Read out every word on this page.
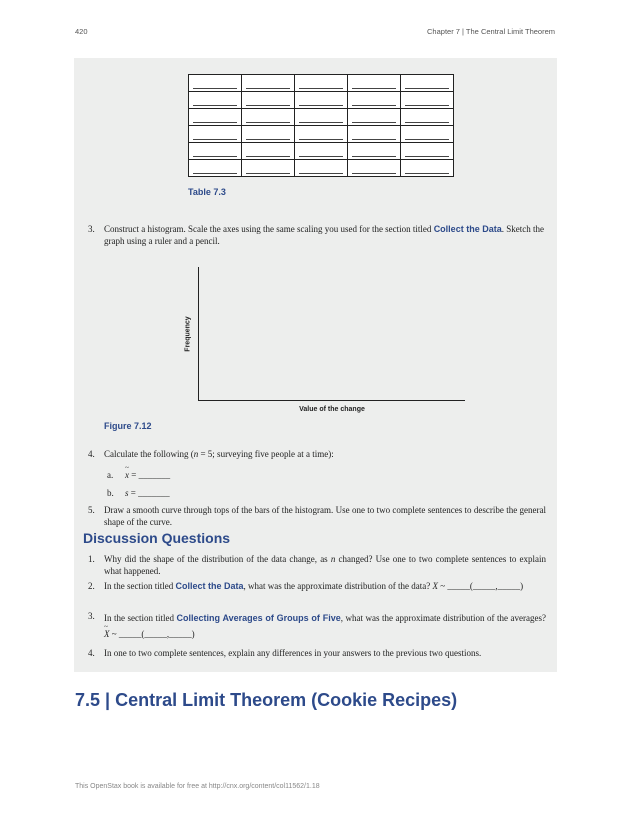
420	Chapter 7 | The Central Limit Theorem

Table 7.3
3. Construct a histogram. Scale the axes using the same scaling you used for the section titled Collect the Data. Sketch the graph using a ruler and a pencil.
Frequency
Value of the change
Figure 7.12
4. Calculate the following (n = 5; surveying five people at a time):
a.
~ x = _______
b. s = _______
5. Draw a smooth curve through tops of the bars of the histogram. Use one to two complete sentences to describe the general shape of the curve.
Discussion Questions
1. Why did the shape of the distribution of the data change, as n changed? Use one to two complete sentences to explain what happened.
2. In the section titled Collect the Data, what was the approximate distribution of the data? X ~ _____(_____,_____)
3. In the section titled Collecting Averages of Groups of Five, what was the approximate distribution of the averages? ~ X ~ _____(_____,_____)
4. In one to two complete sentences, explain any differences in your answers to the previous two questions.
7.5 | Central Limit Theorem (Cookie Recipes)
This OpenStax book is available for free at http://cnx.org/content/col11562/1.18
